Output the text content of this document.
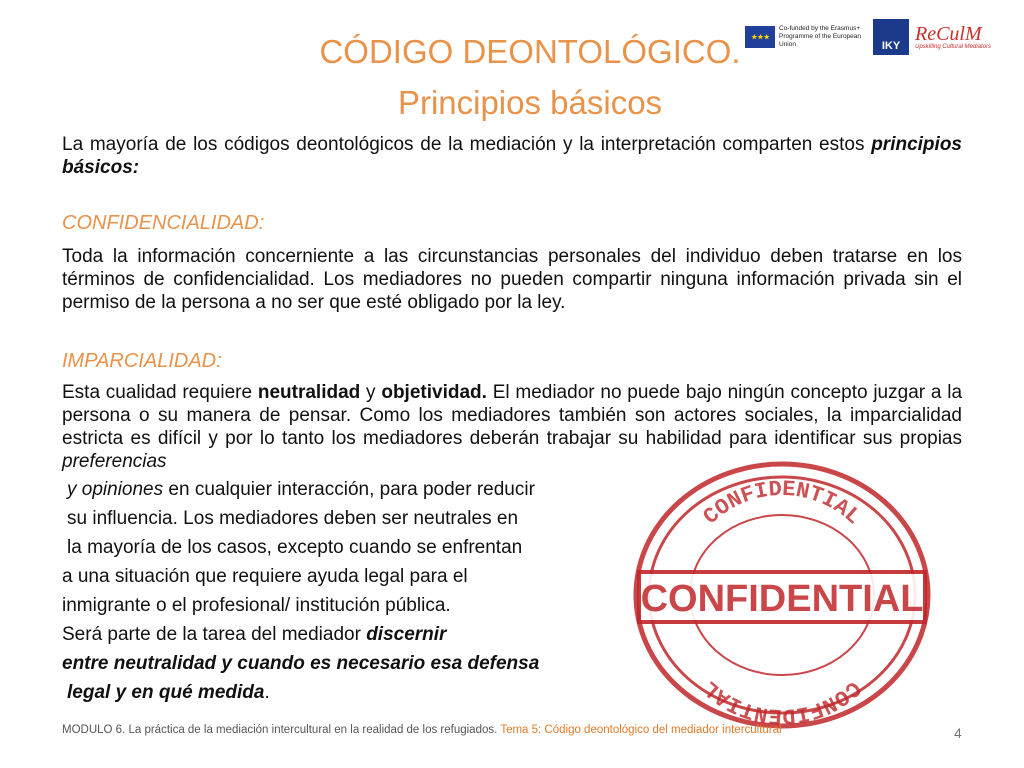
CÓDIGO DEONTOLÓGICO.
Principios básicos
★★★
Co-funded by the Erasmus+ Programme of the European Union	IKY
ReCulM
Upskilling Cultural Mediators
La mayoría de los códigos deontológicos de la mediación y la interpretación comparten estos principios básicos:
CONFIDENCIALIDAD:
Toda la información concerniente a las circunstancias personales del individuo deben tratarse en los términos de confidencialidad. Los mediadores no pueden compartir ninguna información privada sin el permiso de la persona a no ser que esté obligado por la ley.
IMPARCIALIDAD:
Esta cualidad requiere neutralidad y objetividad. El mediador no puede bajo ningún concepto juzgar a la persona o su manera de pensar. Como los mediadores también son actores sociales, la imparcialidad estricta es difícil y por lo tanto los mediadores deberán trabajar su habilidad para identificar sus propias preferencias
y opiniones en cualquier interacción, para poder reducir
su influencia. Los mediadores deben ser neutrales en
la mayoría de los casos, excepto cuando se enfrentan
a una situación que requiere ayuda legal para el
inmigrante o el profesional/ institución pública.
Será parte de la tarea del mediador discernir
entre neutralidad y cuando es necesario esa defensa
legal y en qué medida.
CONFIDENTIAL
CONFIDENTIAL
CONFIDENTIAL
MODULO 6. La práctica de la mediación intercultural en la realidad de los refugiados. Tema 5: Código deontológico del mediador intercultural	4
